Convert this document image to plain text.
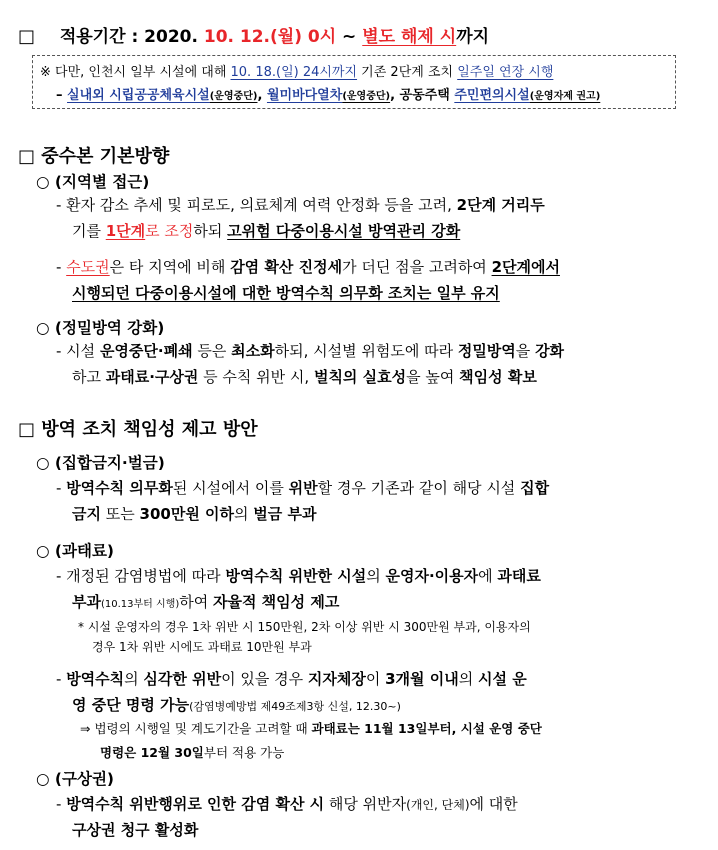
□ 적용기간 : 2020. 10. 12.(월) 0시 ~ 별도 해제 시까지
※ 다만, 인천시 일부 시설에 대해 10. 18.(일) 24시까지 기존 2단계 조치 일주일 연장 시행
– 실내외 시립공공체육시설(운영중단), 월미바다열차(운영중단), 공동주택 주민편의시설(운영자제 권고)
□ 중수본 기본방향
○ (지역별 접근)
- 환자 감소 추세 및 피로도, 의료체계 여력 안정화 등을 고려, 2단계 거리두
기를 1단계로 조정하되 고위험 다중이용시설 방역관리 강화
- 수도권은 타 지역에 비해 감염 확산 진정세가 더딘 점을 고려하여 2단계에서
시행되던 다중이용시설에 대한 방역수칙 의무화 조치는 일부 유지
○ (정밀방역 강화)
- 시설 운영중단·폐쇄 등은 최소화하되, 시설별 위험도에 따라 정밀방역을 강화
하고 과태료·구상권 등 수칙 위반 시, 벌칙의 실효성을 높여 책임성 확보
□ 방역 조치 책임성 제고 방안
○ (집합금지·벌금)
- 방역수칙 의무화된 시설에서 이를 위반할 경우 기존과 같이 해당 시설 집합
금지 또는 300만원 이하의 벌금 부과
○ (과태료)
- 개정된 감염병법에 따라 방역수칙 위반한 시설의 운영자·이용자에 과태료
부과(10.13부터 시행)하여 자율적 책임성 제고
* 시설 운영자의 경우 1차 위반 시 150만원, 2차 이상 위반 시 300만원 부과, 이용자의
경우 1차 위반 시에도 과태료 10만원 부과
- 방역수칙의 심각한 위반이 있을 경우 지자체장이 3개월 이내의 시설 운
영 중단 명령 가능(감염병예방법 제49조제3항 신설, 12.30~)
⇒ 법령의 시행일 및 계도기간을 고려할 때 과태료는 11월 13일부터, 시설 운영 중단
명령은 12월 30일부터 적용 가능
○ (구상권)
- 방역수칙 위반행위로 인한 감염 확산 시 해당 위반자(개인, 단체)에 대한
구상권 청구 활성화
